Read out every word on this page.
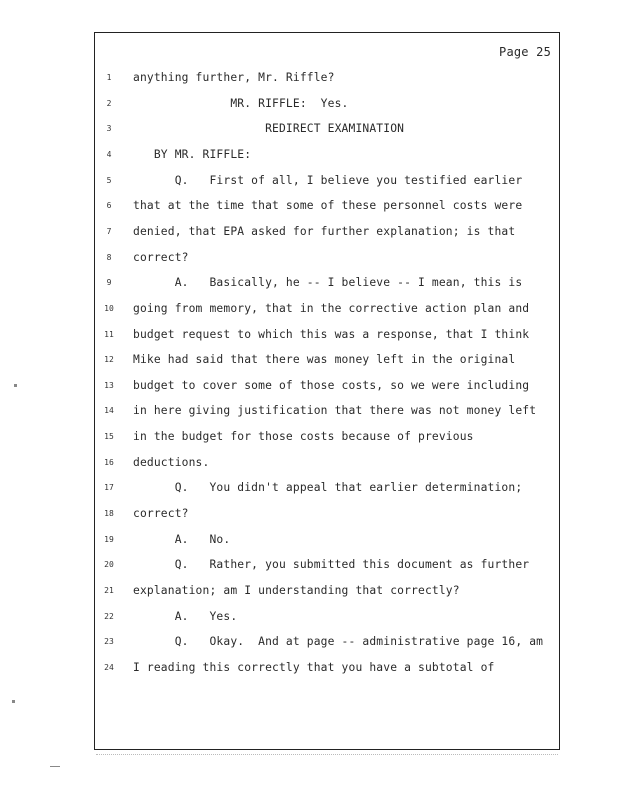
Page 25
1	anything further, Mr. Riffle?
2	MR. RIFFLE:  Yes.
3	REDIRECT EXAMINATION
4	BY MR. RIFFLE:
5	Q.   First of all, I believe you testified earlier
6	that at the time that some of these personnel costs were
7	denied, that EPA asked for further explanation; is that
8	correct?
9	A.   Basically, he -- I believe -- I mean, this is
10 going from memory, that in the corrective action plan and
11 budget request to which this was a response, that I think
12 Mike had said that there was money left in the original
13 budget to cover some of those costs, so we were including
14 in here giving justification that there was not money left
15 in the budget for those costs because of previous
16 deductions.
17 Q.   You didn't appeal that earlier determination;
18 correct?
19 A.   No.
20 Q.   Rather, you submitted this document as further
21 explanation; am I understanding that correctly?
22 A.   Yes.
23 Q.   Okay.  And at page -- administrative page 16, am
24 I reading this correctly that you have a subtotal of
